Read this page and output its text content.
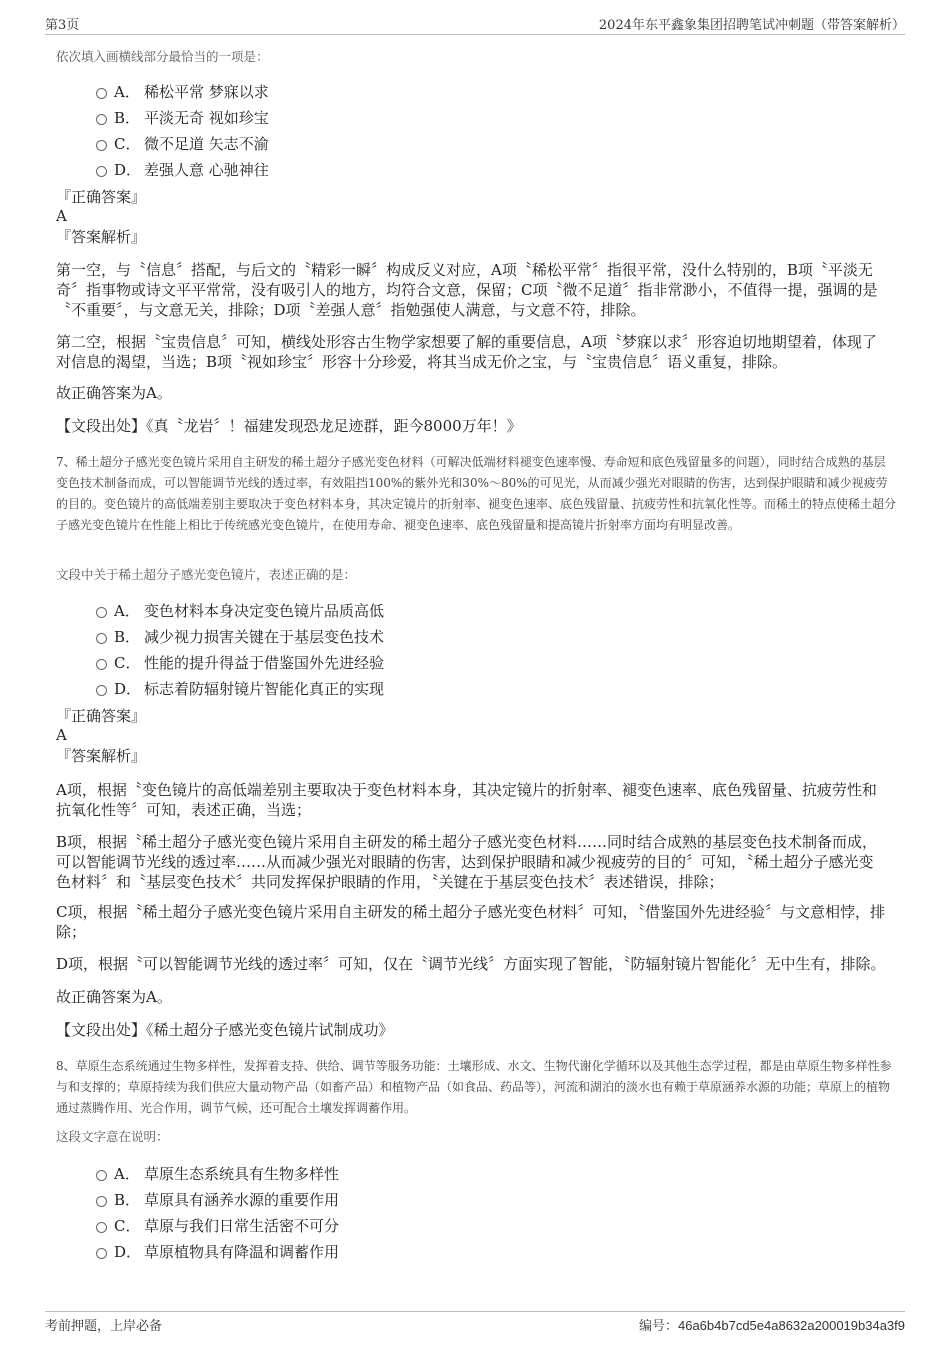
第3页	2024年东平鑫象集团招聘笔试冲刺题（带答案解析）
依次填入画横线部分最恰当的一项是：
A． 稀松平常 梦寐以求
B． 平淡无奇 视如珍宝
C． 微不足道 矢志不渝
D． 差强人意 心驰神往
『正确答案』
A
『答案解析』

第一空，与〝信息〞搭配，与后文的〝精彩一瞬〞构成反义对应，A项〝稀松平常〞指很平常，没什么特别的，B项〝平淡无奇〞指事物或诗文平平常常，没有吸引人的地方，均符合文意，保留；C项〝微不足道〞指非常渺小，不值得一提，强调的是〝不重要〞，与文意无关，排除；D项〝差强人意〞指勉强使人满意，与文意不符，排除。

第二空，根据〝宝贵信息〞可知，横线处形容古生物学家想要了解的重要信息，A项〝梦寐以求〞形容迫切地期望着，体现了对信息的渴望，当选；B项〝视如珍宝〞形容十分珍爱，将其当成无价之宝，与〝宝贵信息〞语义重复，排除。

故正确答案为A。

【文段出处】《真〝龙岩〞！福建发现恐龙足迹群，距今8000万年！》
7、稀土超分子感光变色镜片采用自主研发的稀土超分子感光变色材料（可解决低端材料褪变色速率慢、寿命短和底色残留量多的问题），同时结合成熟的基层变色技术制备而成，可以智能调节光线的透过率，有效阻挡100%的紫外光和30%～80%的可见光，从而减少强光对眼睛的伤害，达到保护眼睛和减少视疲劳的目的。变色镜片的高低端差别主要取决于变色材料本身，其决定镜片的折射率、褪变色速率、底色残留量、抗疲劳性和抗氧化性等。而稀土的特点使稀土超分子感光变色镜片在性能上相比于传统感光变色镜片，在使用寿命、褪变色速率、底色残留量和提高镜片折射率方面均有明显改善。
文段中关于稀土超分子感光变色镜片，表述正确的是：
A． 变色材料本身决定变色镜片品质高低
B． 减少视力损害关键在于基层变色技术
C． 性能的提升得益于借鉴国外先进经验
D． 标志着防辐射镜片智能化真正的实现
『正确答案』
A
『答案解析』

A项，根据〝变色镜片的高低端差别主要取决于变色材料本身，其决定镜片的折射率、褪变色速率、底色残留量、抗疲劳性和抗氧化性等〞可知，表述正确，当选；

B项，根据〝稀土超分子感光变色镜片采用自主研发的稀土超分子感光变色材料……同时结合成熟的基层变色技术制备而成，可以智能调节光线的透过率……从而减少强光对眼睛的伤害，达到保护眼睛和减少视疲劳的目的〞可知，〝稀土超分子感光变色材料〞和〝基层变色技术〞共同发挥保护眼睛的作用，〝关键在于基层变色技术〞表述错误，排除；

C项，根据〝稀土超分子感光变色镜片采用自主研发的稀土超分子感光变色材料〞可知，〝借鉴国外先进经验〞与文意相悖，排除；

D项，根据〝可以智能调节光线的透过率〞可知，仅在〝调节光线〞方面实现了智能，〝防辐射镜片智能化〞无中生有，排除。

故正确答案为A。

【文段出处】《稀土超分子感光变色镜片试制成功》
8、草原生态系统通过生物多样性，发挥着支持、供给、调节等服务功能：土壤形成、水文、生物代谢化学循环以及其他生态学过程，都是由草原生物多样性参与和支撑的；草原持续为我们供应大量动物产品（如畜产品）和植物产品（如食品、药品等），河流和湖泊的淡水也有赖于草原涵养水源的功能；草原上的植物通过蒸腾作用、光合作用，调节气候，还可配合土壤发挥调蓄作用。
这段文字意在说明：
A． 草原生态系统具有生物多样性
B． 草原具有涵养水源的重要作用
C． 草原与我们日常生活密不可分
D． 草原植物具有降温和调蓄作用
考前押题，上岸必备	编号：46a6b4b7cd5e4a8632a200019b34a3f9
